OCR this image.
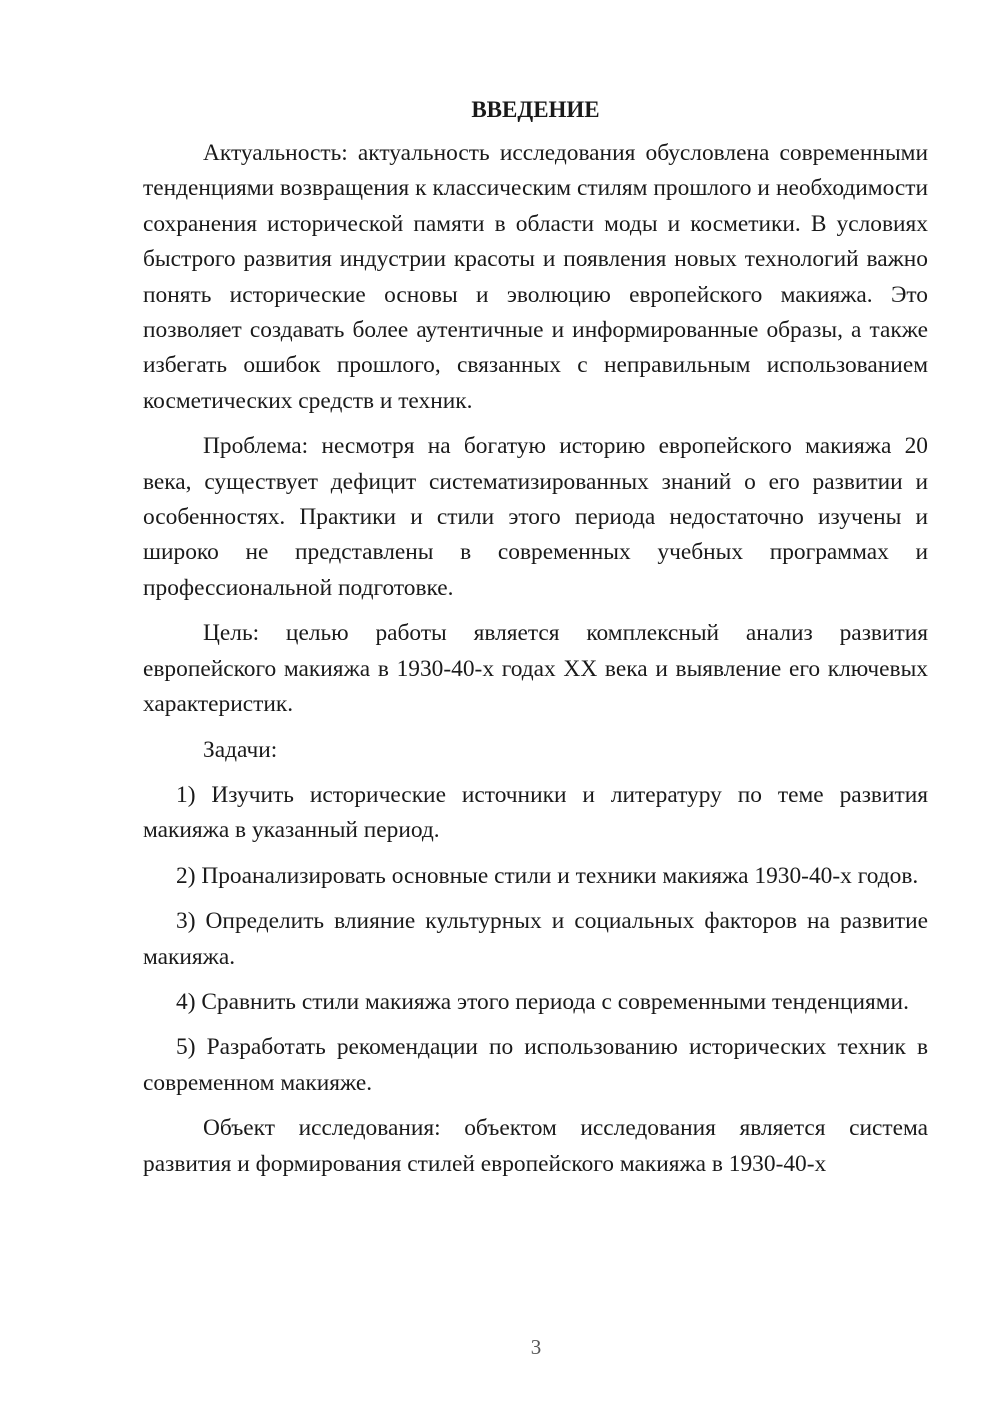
ВВЕДЕНИЕ

Актуальность: актуальность исследования обусловлена современными тенденциями возвращения к классическим стилям прошлого и необходимости сохранения исторической памяти в области моды и косметики. В условиях быстрого развития индустрии красоты и появления новых технологий важно понять исторические основы и эволюцию европейского макияжа. Это позволяет создавать более аутентичные и информированные образы, а также избегать ошибок прошлого, связанных с неправильным использованием косметических средств и техник.

Проблема: несмотря на богатую историю европейского макияжа 20 века, существует дефицит систематизированных знаний о его развитии и особенностях. Практики и стили этого периода недостаточно изучены и широко не представлены в современных учебных программах и профессиональной подготовке.

Цель: целью работы является комплексный анализ развития европейского макияжа в 1930-40-х годах XX века и выявление его ключевых характеристик.

Задачи:

1) Изучить исторические источники и литературу по теме развития макияжа в указанный период.

2) Проанализировать основные стили и техники макияжа 1930-40-х годов.

3) Определить влияние культурных и социальных факторов на развитие макияжа.

4) Сравнить стили макияжа этого периода с современными тенденциями.

5) Разработать рекомендации по использованию исторических техник в современном макияже.

Объект исследования: объектом исследования является система развития и формирования стилей европейского макияжа в 1930-40-х

3
